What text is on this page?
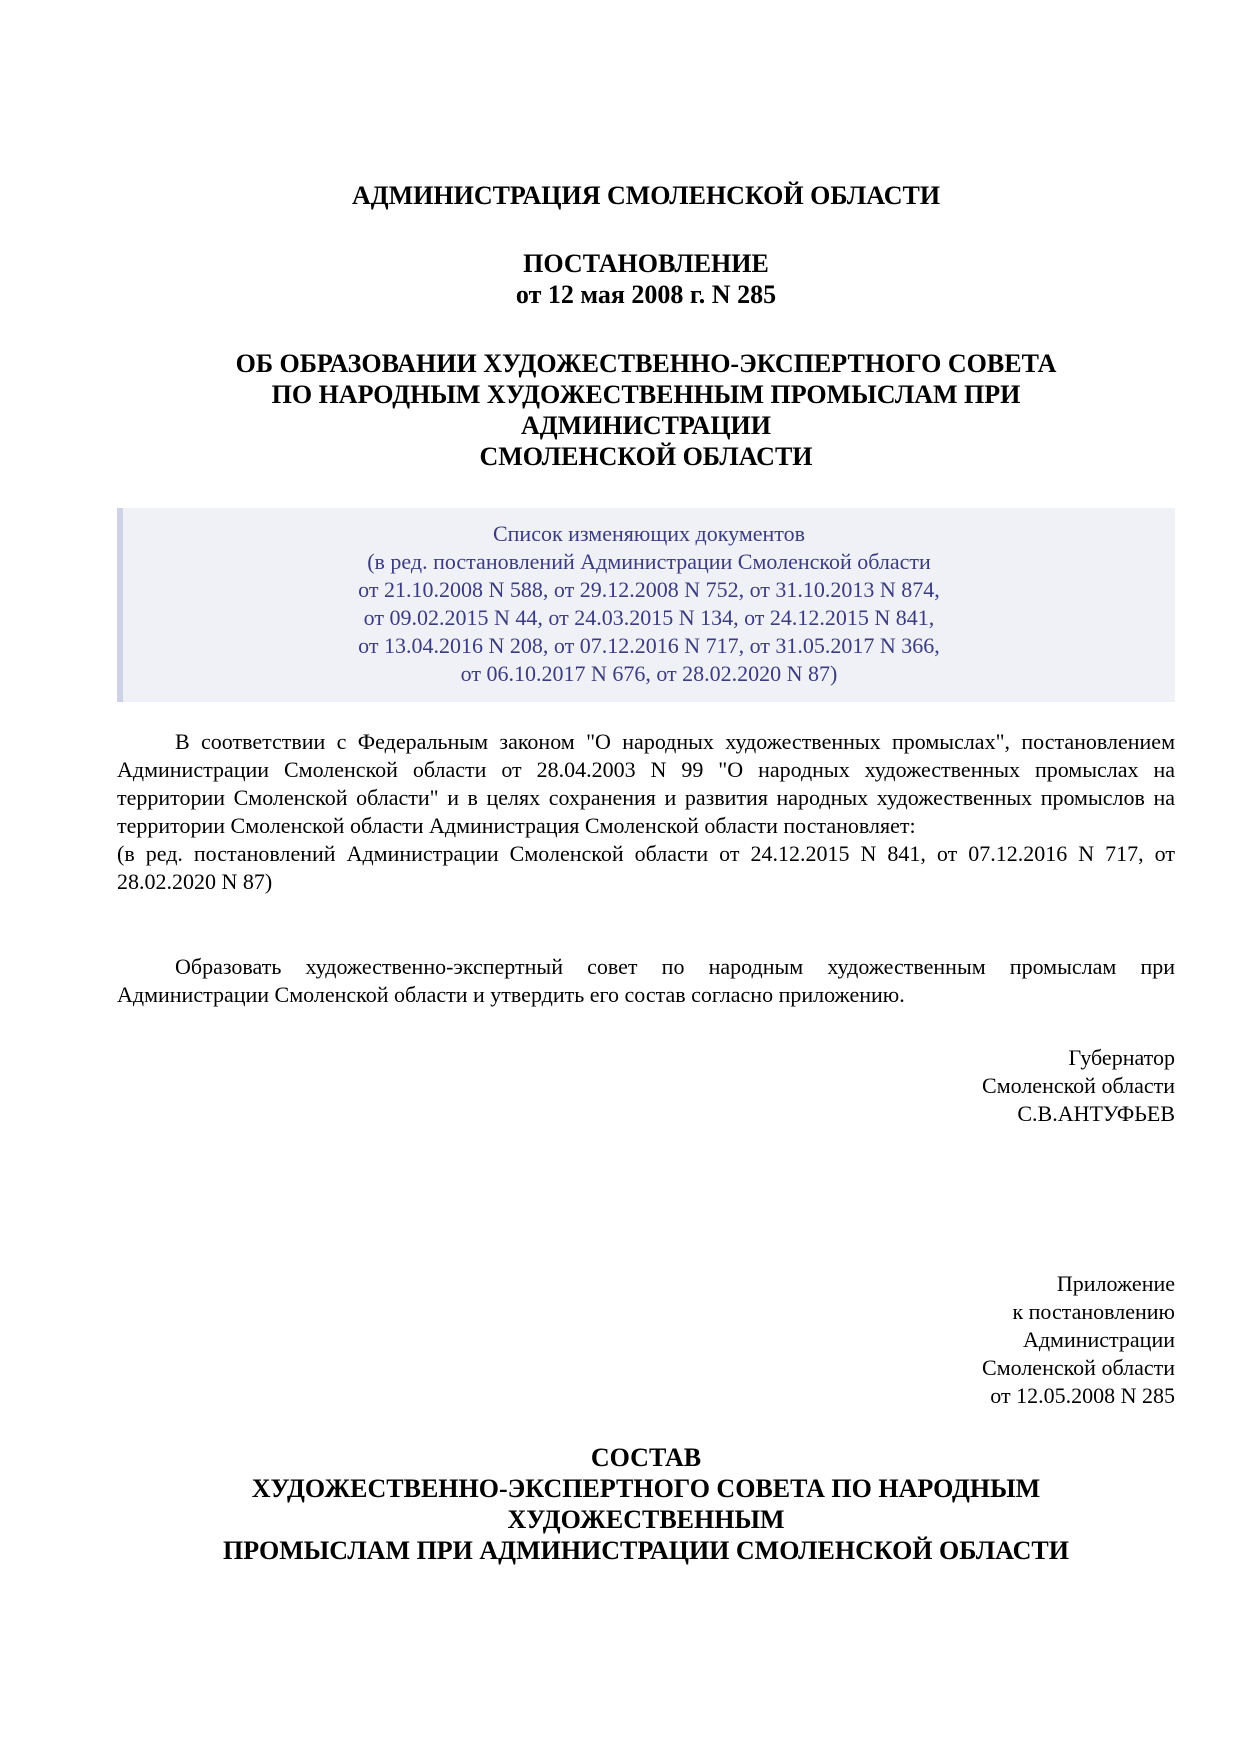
АДМИНИСТРАЦИЯ СМОЛЕНСКОЙ ОБЛАСТИ
ПОСТАНОВЛЕНИЕ
от 12 мая 2008 г. N 285
ОБ ОБРАЗОВАНИИ ХУДОЖЕСТВЕННО-ЭКСПЕРТНОГО СОВЕТА
ПО НАРОДНЫМ ХУДОЖЕСТВЕННЫМ ПРОМЫСЛАМ ПРИ
АДМИНИСТРАЦИИ
СМОЛЕНСКОЙ ОБЛАСТИ
Список изменяющих документов
(в ред. постановлений Администрации Смоленской области
от 21.10.2008 N 588, от 29.12.2008 N 752, от 31.10.2013 N 874,
от 09.02.2015 N 44, от 24.03.2015 N 134, от 24.12.2015 N 841,
от 13.04.2016 N 208, от 07.12.2016 N 717, от 31.05.2017 N 366,
от 06.10.2017 N 676, от 28.02.2020 N 87)

В соответствии с Федеральным законом "О народных художественных промыслах", постановлением Администрации Смоленской области от 28.04.2003 N 99 "О народных художественных промыслах на территории Смоленской области" и в целях сохранения и развития народных художественных промыслов на территории Смоленской области Администрация Смоленской области постановляет:

(в ред. постановлений Администрации Смоленской области от 24.12.2015 N 841, от 07.12.2016 N 717, от 28.02.2020 N 87)

Образовать художественно-экспертный совет по народным художественным промыслам при Администрации Смоленской области и утвердить его состав согласно приложению.

Губернатор
Смоленской области
С.В.АНТУФЬЕВ
Приложение
к постановлению
Администрации
Смоленской области
от 12.05.2008 N 285
СОСТАВ
ХУДОЖЕСТВЕННО-ЭКСПЕРТНОГО СОВЕТА ПО НАРОДНЫМ
ХУДОЖЕСТВЕННЫМ
ПРОМЫСЛАМ ПРИ АДМИНИСТРАЦИИ СМОЛЕНСКОЙ ОБЛАСТИ
